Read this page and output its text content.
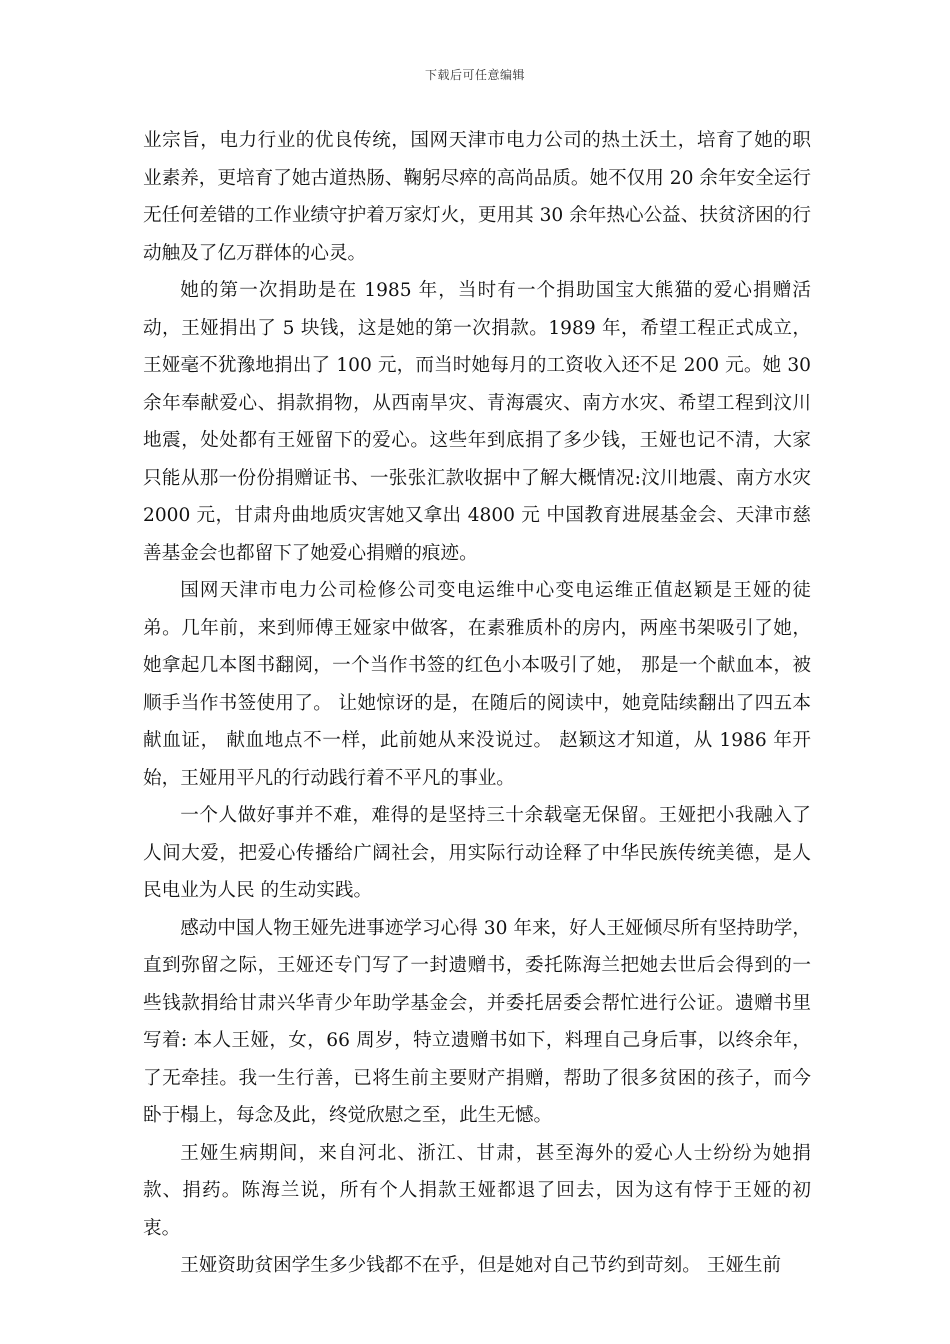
下载后可任意编辑

业宗旨，电力行业的优良传统，国网天津市电力公司的热土沃土，培育了她的职业素养，更培育了她古道热肠、鞠躬尽瘁的高尚品质。她不仅用 20 余年安全运行无任何差错的工作业绩守护着万家灯火，更用其 30 余年热心公益、扶贫济困的行动触及了亿万群体的心灵。

她的第一次捐助是在 1985 年，当时有一个捐助国宝大熊猫的爱心捐赠活动，王娅捐出了 5 块钱，这是她的第一次捐款。1989 年，希望工程正式成立，王娅毫不犹豫地捐出了 100 元，而当时她每月的工资收入还不足 200 元。她 30 余年奉献爱心、捐款捐物，从西南旱灾、青海震灾、南方水灾、希望工程到汶川地震，处处都有王娅留下的爱心。这些年到底捐了多少钱，王娅也记不清，大家只能从那一份份捐赠证书、一张张汇款收据中了解大概情况:汶川地震、南方水灾 2000 元，甘肃舟曲地质灾害她又拿出 4800 元 中国教育进展基金会、天津市慈善基金会也都留下了她爱心捐赠的痕迹。

国网天津市电力公司检修公司变电运维中心变电运维正值赵颖是王娅的徒弟。几年前，来到师傅王娅家中做客，在素雅质朴的房内，两座书架吸引了她，她拿起几本图书翻阅，一个当作书签的红色小本吸引了她， 那是一个献血本，被顺手当作书签使用了。 让她惊讶的是，在随后的阅读中，她竟陆续翻出了四五本献血证， 献血地点不一样，此前她从来没说过。 赵颖这才知道，从 1986 年开始，王娅用平凡的行动践行着不平凡的事业。

一个人做好事并不难，难得的是坚持三十余载毫无保留。王娅把小我融入了人间大爱，把爱心传播给广阔社会，用实际行动诠释了中华民族传统美德，是人民电业为人民 的生动实践。

感动中国人物王娅先进事迹学习心得 30 年来，好人王娅倾尽所有坚持助学，直到弥留之际，王娅还专门写了一封遗赠书，委托陈海兰把她去世后会得到的一些钱款捐给甘肃兴华青少年助学基金会，并委托居委会帮忙进行公证。遗赠书里写着: 本人王娅，女，66 周岁，特立遗赠书如下，料理自己身后事，以终余年，了无牵挂。我一生行善，已将生前主要财产捐赠，帮助了很多贫困的孩子，而今卧于榻上，每念及此，终觉欣慰之至，此生无憾。

王娅生病期间，来自河北、浙江、甘肃，甚至海外的爱心人士纷纷为她捐款、捐药。陈海兰说，所有个人捐款王娅都退了回去，因为这有悖于王娅的初衷。

王娅资助贫困学生多少钱都不在乎，但是她对自己节约到苛刻。 王娅生前
